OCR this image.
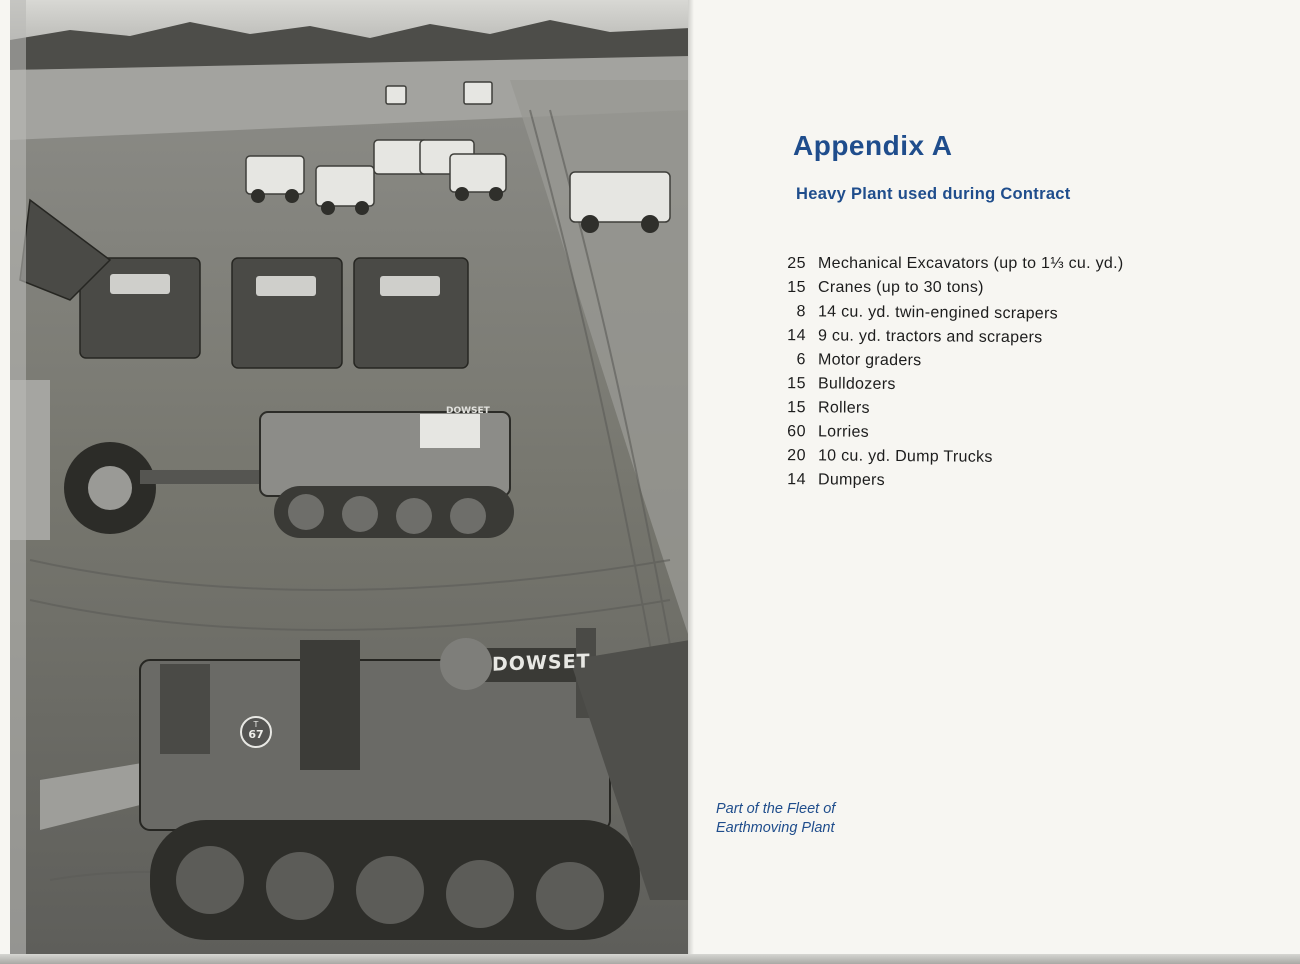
DOWSET
DOWSET
T
67
Appendix A
Heavy Plant used during Contract
25 Mechanical Excavators (up to 1⅓ cu. yd.)
15 Cranes (up to 30 tons)
8 14 cu. yd. twin-engined scrapers
14 9 cu. yd. tractors and scrapers
6 Motor graders
15 Bulldozers
15 Rollers
60 Lorries
20 10 cu. yd. Dump Trucks
14 Dumpers

Part of the Fleet of
Earthmoving Plant
